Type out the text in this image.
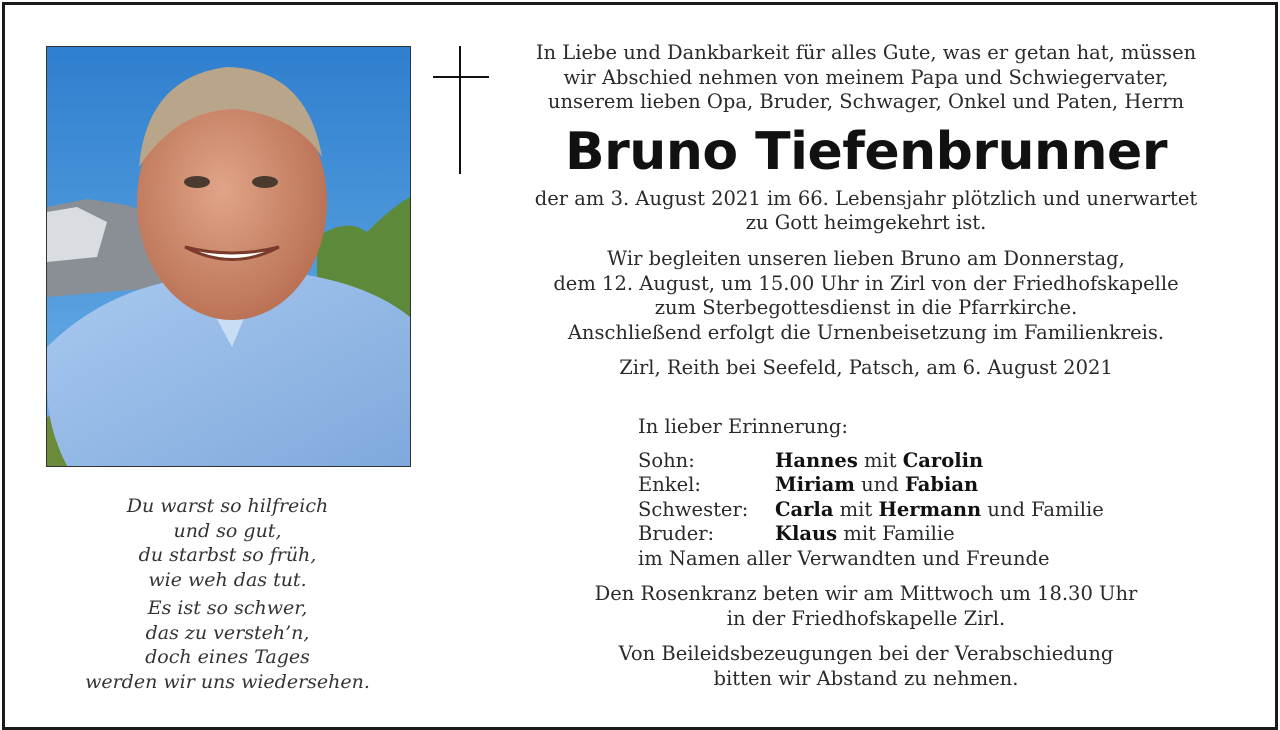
In Liebe und Dankbarkeit für alles Gute, was er getan hat, müssen

wir Abschied nehmen von meinem Papa und Schwiegervater,

unserem lieben Opa, Bruder, Schwager, Onkel und Paten, Herrn

Bruno Tiefenbrunner

der am 3. August 2021 im 66. Lebensjahr plötzlich und unerwartet

zu Gott heimgekehrt ist.

Wir begleiten unseren lieben Bruno am Donnerstag,

dem 12. August, um 15.00 Uhr in Zirl von der Friedhofskapelle

zum Sterbegottesdienst in die Pfarrkirche.

Anschließend erfolgt die Urnenbeisetzung im Familienkreis.

Zirl, Reith bei Seefeld, Patsch, am 6. August 2021

In lieber Erinnerung:
Sohn:	Hannes mit Carolin
Enkel:	Miriam und Fabian
Schwester:	Carla mit Hermann und Familie
Bruder:	Klaus mit Familie
im Namen aller Verwandten und Freunde

Den Rosenkranz beten wir am Mittwoch um 18.30 Uhr

in der Friedhofskapelle Zirl.

Von Beileidsbezeugungen bei der Verabschiedung

bitten wir Abstand zu nehmen.

Du warst so hilfreich
und so gut,
du starbst so früh,
wie weh das tut.
Es ist so schwer,
das zu versteh’n,
doch eines Tages
werden wir uns wiedersehen.
